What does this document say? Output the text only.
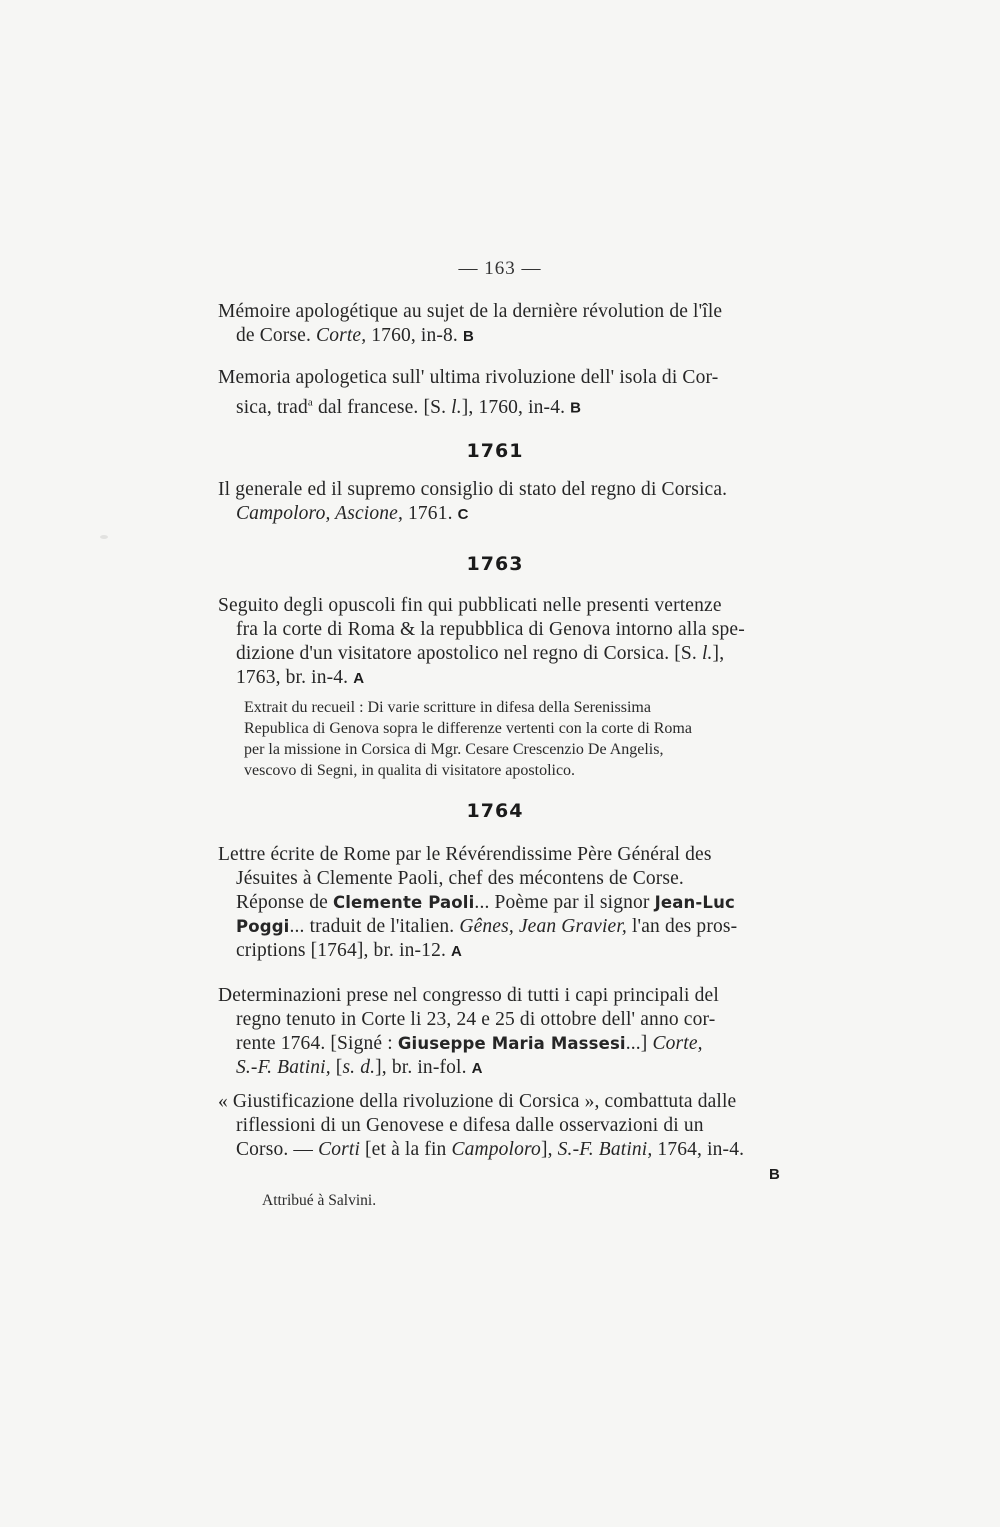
— 163 —
Mémoire apologétique au sujet de la dernière révolution de l'île
de Corse. Corte, 1760, in-8. B
Memoria apologetica sull' ultima rivoluzione dell' isola di Cor-
sica, trad$^a$ dal francese. [S. l.], 1760, in-4. B
1761
Il generale ed il supremo consiglio di stato del regno di Corsica.
Campoloro, Ascione, 1761. C
1763
Seguito degli opuscoli fin qui pubblicati nelle presenti vertenze
fra la corte di Roma & la repubblica di Genova intorno alla spe-
dizione d'un visitatore apostolico nel regno di Corsica. [S. l.],
1763, br. in-4. A
Extrait du recueil : Di varie scritture in difesa della Serenissima
Republica di Genova sopra le differenze vertenti con la corte di Roma
per la missione in Corsica di Mgr. Cesare Crescenzio De Angelis,
vescovo di Segni, in qualita di visitatore apostolico.
1764
Lettre écrite de Rome par le Révérendissime Père Général des
Jésuites à Clemente Paoli, chef des mécontens de Corse.
Réponse de Clemente Paoli... Poème par il signor Jean-Luc
Poggi... traduit de l'italien. Gênes, Jean Gravier, l'an des pros-
criptions [1764], br. in-12. A
Determinazioni prese nel congresso di tutti i capi principali del
regno tenuto in Corte li 23, 24 e 25 di ottobre dell' anno cor-
rente 1764. [Signé : Giuseppe Maria Massesi...] Corte,
S.-F. Batini, [s. d.], br. in-fol. A
« Giustificazione della rivoluzione di Corsica », combattuta dalle
riflessioni di un Genovese e difesa dalle osservazioni di un
Corso. — Corti [et à la fin Campoloro], S.-F. Batini, 1764, in-4.
B
Attribué à Salvini.
